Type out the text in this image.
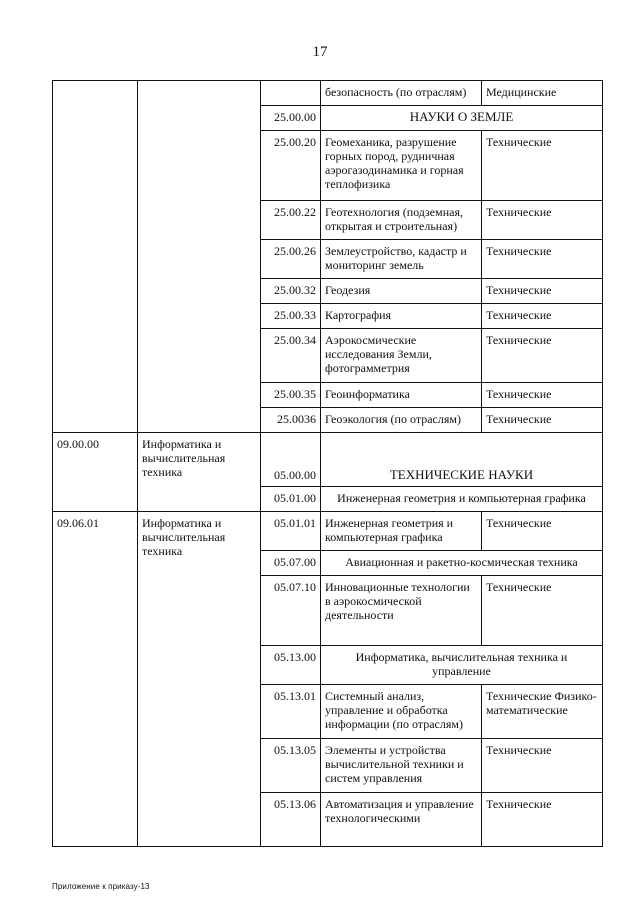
17
			безопасность (по отраслям)	Медицинские
		25.00.00	НАУКИ О ЗЕМЛЕ	
		25.00.20	Геомеханика, разрушение горных пород, рудничная аэрогазодинамика и горная теплофизика	Технические
		25.00.22	Геотехнология (подземная, открытая и строительная)	Технические
		25.00.26	Землеустройство, кадастр и мониторинг земель	Технические
		25.00.32	Геодезия	Технические
		25.00.33	Картография	Технические
		25.00.34	Аэрокосмические исследования Земли, фотограмметрия	Технические
		25.00.35	Геоинформатика	Технические
		25.0036	Геоэкология (по отраслям)	Технические
09.00.00	Информатика и вычислительная техника	05.00.00	ТЕХНИЧЕСКИЕ НАУКИ	
		05.01.00	Инженерная геометрия и компьютерная графика	
09.06.01	Информатика и вычислительная техника	05.01.01	Инженерная геометрия и компьютерная графика	Технические
		05.07.00	Авиационная и ракетно-космическая техника	
		05.07.10	Инновационные технологии в аэрокосмической деятельности	Технические
		05.13.00	Информатика, вычислительная техника и управление	
		05.13.01	Системный анализ, управление и обработка информации (по отраслям)	Технические Физико-математические
		05.13.05	Элементы и устройства вычислительной техники и систем управления	Технические
		05.13.06	Автоматизация и управление технологическими	Технические
Приложение к приказу-13
